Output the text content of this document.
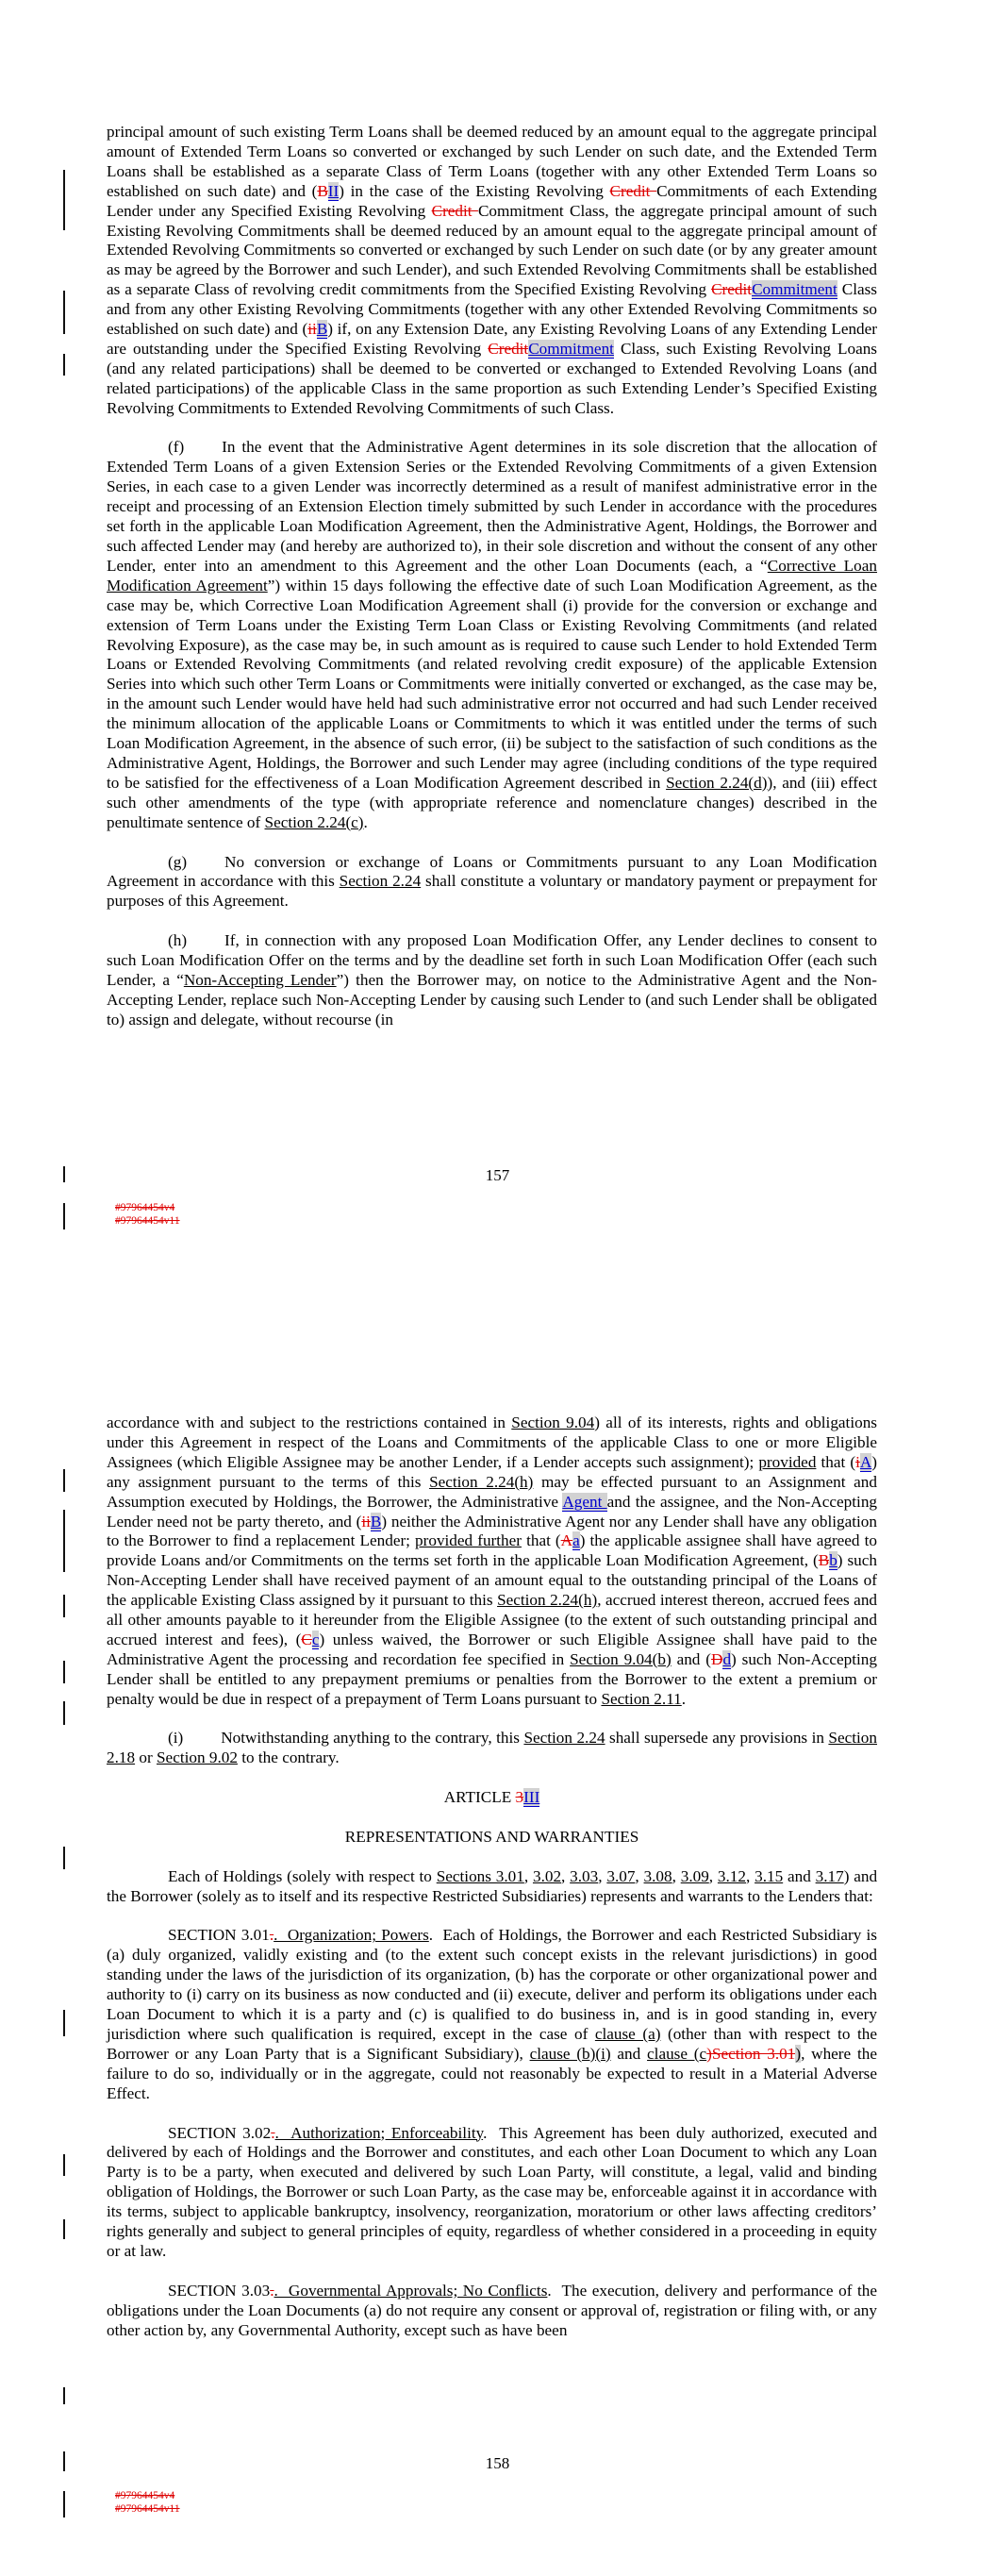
principal amount of such existing Term Loans shall be deemed reduced by an amount equal to the aggregate principal amount of Extended Term Loans so converted or exchanged by such Lender on such date, and the Extended Term Loans shall be established as a separate Class of Term Loans (together with any other Extended Term Loans so established on such date) and (BII) in the case of the Existing Revolving Credit Commitments of each Extending Lender under any Specified Existing Revolving Credit Commitment Class, the aggregate principal amount of such Existing Revolving Commitments shall be deemed reduced by an amount equal to the aggregate principal amount of Extended Revolving Commitments so converted or exchanged by such Lender on such date (or by any greater amount as may be agreed by the Borrower and such Lender), and such Extended Revolving Commitments shall be established as a separate Class of revolving credit commitments from the Specified Existing Revolving CreditCommitment Class and from any other Existing Revolving Commitments (together with any other Extended Revolving Commitments so established on such date) and (iiB) if, on any Extension Date, any Existing Revolving Loans of any Extending Lender are outstanding under the Specified Existing Revolving CreditCommitment Class, such Existing Revolving Loans (and any related participations) shall be deemed to be converted or exchanged to Extended Revolving Loans (and related participations) of the applicable Class in the same proportion as such Extending Lender’s Specified Existing Revolving Commitments to Extended Revolving Commitments of such Class.

(f) In the event that the Administrative Agent determines in its sole discretion that the allocation of Extended Term Loans of a given Extension Series or the Extended Revolving Commitments of a given Extension Series, in each case to a given Lender was incorrectly determined as a result of manifest administrative error in the receipt and processing of an Extension Election timely submitted by such Lender in accordance with the procedures set forth in the applicable Loan Modification Agreement, then the Administrative Agent, Holdings, the Borrower and such affected Lender may (and hereby are authorized to), in their sole discretion and without the consent of any other Lender, enter into an amendment to this Agreement and the other Loan Documents (each, a “Corrective Loan Modification Agreement”) within 15 days following the effective date of such Loan Modification Agreement, as the case may be, which Corrective Loan Modification Agreement shall (i) provide for the conversion or exchange and extension of Term Loans under the Existing Term Loan Class or Existing Revolving Commitments (and related Revolving Exposure), as the case may be, in such amount as is required to cause such Lender to hold Extended Term Loans or Extended Revolving Commitments (and related revolving credit exposure) of the applicable Extension Series into which such other Term Loans or Commitments were initially converted or exchanged, as the case may be, in the amount such Lender would have held had such administrative error not occurred and had such Lender received the minimum allocation of the applicable Loans or Commitments to which it was entitled under the terms of such Loan Modification Agreement, in the absence of such error, (ii) be subject to the satisfaction of such conditions as the Administrative Agent, Holdings, the Borrower and such Lender may agree (including conditions of the type required to be satisfied for the effectiveness of a Loan Modification Agreement described in Section 2.24(d)), and (iii) effect such other amendments of the type (with appropriate reference and nomenclature changes) described in the penultimate sentence of Section 2.24(c).

(g) No conversion or exchange of Loans or Commitments pursuant to any Loan Modification Agreement in accordance with this Section 2.24 shall constitute a voluntary or mandatory payment or prepayment for purposes of this Agreement.

(h) If, in connection with any proposed Loan Modification Offer, any Lender declines to consent to such Loan Modification Offer on the terms and by the deadline set forth in such Loan Modification Offer (each such Lender, a “Non-Accepting Lender”) then the Borrower may, on notice to the Administrative Agent and the Non-Accepting Lender, replace such Non-Accepting Lender by causing such Lender to (and such Lender shall be obligated to) assign and delegate, without recourse (in

157
#97964454v4
#97964454v11

accordance with and subject to the restrictions contained in Section 9.04) all of its interests, rights and obligations under this Agreement in respect of the Loans and Commitments of the applicable Class to one or more Eligible Assignees (which Eligible Assignee may be another Lender, if a Lender accepts such assignment); provided that (iA) any assignment pursuant to the terms of this Section 2.24(h) may be effected pursuant to an Assignment and Assumption executed by Holdings, the Borrower, the Administrative Agent and the assignee, and the Non-Accepting Lender need not be party thereto, and (iiB) neither the Administrative Agent nor any Lender shall have any obligation to the Borrower to find a replacement Lender; provided further that (Aa) the applicable assignee shall have agreed to provide Loans and/or Commitments on the terms set forth in the applicable Loan Modification Agreement, (Bb) such Non-Accepting Lender shall have received payment of an amount equal to the outstanding principal of the Loans of the applicable Existing Class assigned by it pursuant to this Section 2.24(h), accrued interest thereon, accrued fees and all other amounts payable to it hereunder from the Eligible Assignee (to the extent of such outstanding principal and accrued interest and fees), (Cc) unless waived, the Borrower or such Eligible Assignee shall have paid to the Administrative Agent the processing and recordation fee specified in Section 9.04(b) and (Dd) such Non-Accepting Lender shall be entitled to any prepayment premiums or penalties from the Borrower to the extent a premium or penalty would be due in respect of a prepayment of Term Loans pursuant to Section 2.11.

(i) Notwithstanding anything to the contrary, this Section 2.24 shall supersede any provisions in Section 2.18 or Section 9.02 to the contrary.

ARTICLE 3III

REPRESENTATIONS AND WARRANTIES

Each of Holdings (solely with respect to Sections 3.01, 3.02, 3.03, 3.07, 3.08, 3.09, 3.12, 3.15 and 3.17) and the Borrower (solely as to itself and its respective Restricted Subsidiaries) represents and warrants to the Lenders that:

SECTION 3.01..  Organization; Powers.  Each of Holdings, the Borrower and each Restricted Subsidiary is (a) duly organized, validly existing and (to the extent such concept exists in the relevant jurisdictions) in good standing under the laws of the jurisdiction of its organization, (b) has the corporate or other organizational power and authority to (i) carry on its business as now conducted and (ii) execute, deliver and perform its obligations under each Loan Document to which it is a party and (c) is qualified to do business in, and is in good standing in, every jurisdiction where such qualification is required, except in the case of clause (a) (other than with respect to the Borrower or any Loan Party that is a Significant Subsidiary), clause (b)(i) and clause (c)Section 3.01), where the failure to do so, individually or in the aggregate, could not reasonably be expected to result in a Material Adverse Effect.

SECTION 3.02..  Authorization; Enforceability.  This Agreement has been duly authorized, executed and delivered by each of Holdings and the Borrower and constitutes, and each other Loan Document to which any Loan Party is to be a party, when executed and delivered by such Loan Party, will constitute, a legal, valid and binding obligation of Holdings, the Borrower or such Loan Party, as the case may be, enforceable against it in accordance with its terms, subject to applicable bankruptcy, insolvency, reorganization, moratorium or other laws affecting creditors’ rights generally and subject to general principles of equity, regardless of whether considered in a proceeding in equity or at law.

SECTION 3.03..  Governmental Approvals; No Conflicts.  The execution, delivery and performance of the obligations under the Loan Documents (a) do not require any consent or approval of, registration or filing with, or any other action by, any Governmental Authority, except such as have been

158
#97964454v4
#97964454v11
